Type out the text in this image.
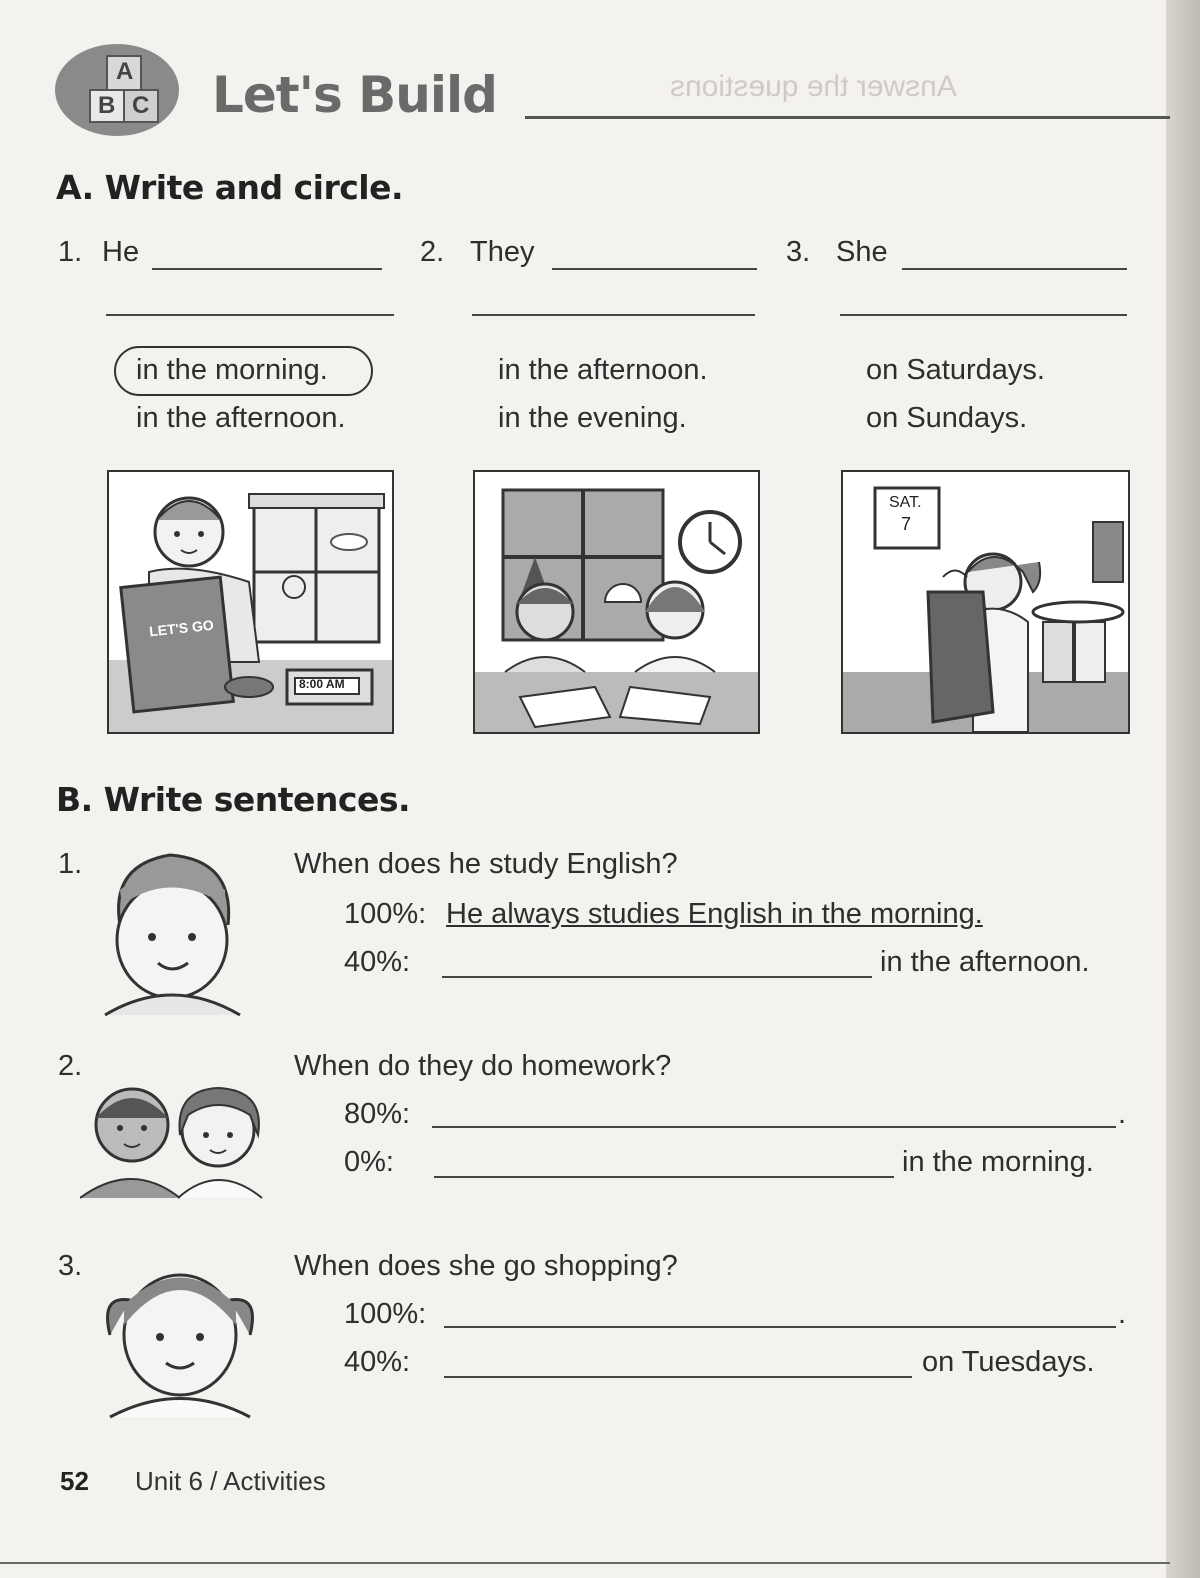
Answer the questions
A
B C Let's Build
A. Write and circle.
1. He
in the morning.
in the afternoon.
2. They
in the afternoon.
in the evening.
3. She
on Saturdays.
on Sundays.
LET'S GO
8:00 AM
SAT.
7
B. Write sentences.
1.	When does he study English?
100%: He always studies English in the morning.
40%:	in the afternoon.
2.	When do they do homework?
80%:	.
0%:	in the morning.
3.	When does she go shopping?
100%:	.
40%:	on Tuesdays.
52 Unit 6 / Activities
